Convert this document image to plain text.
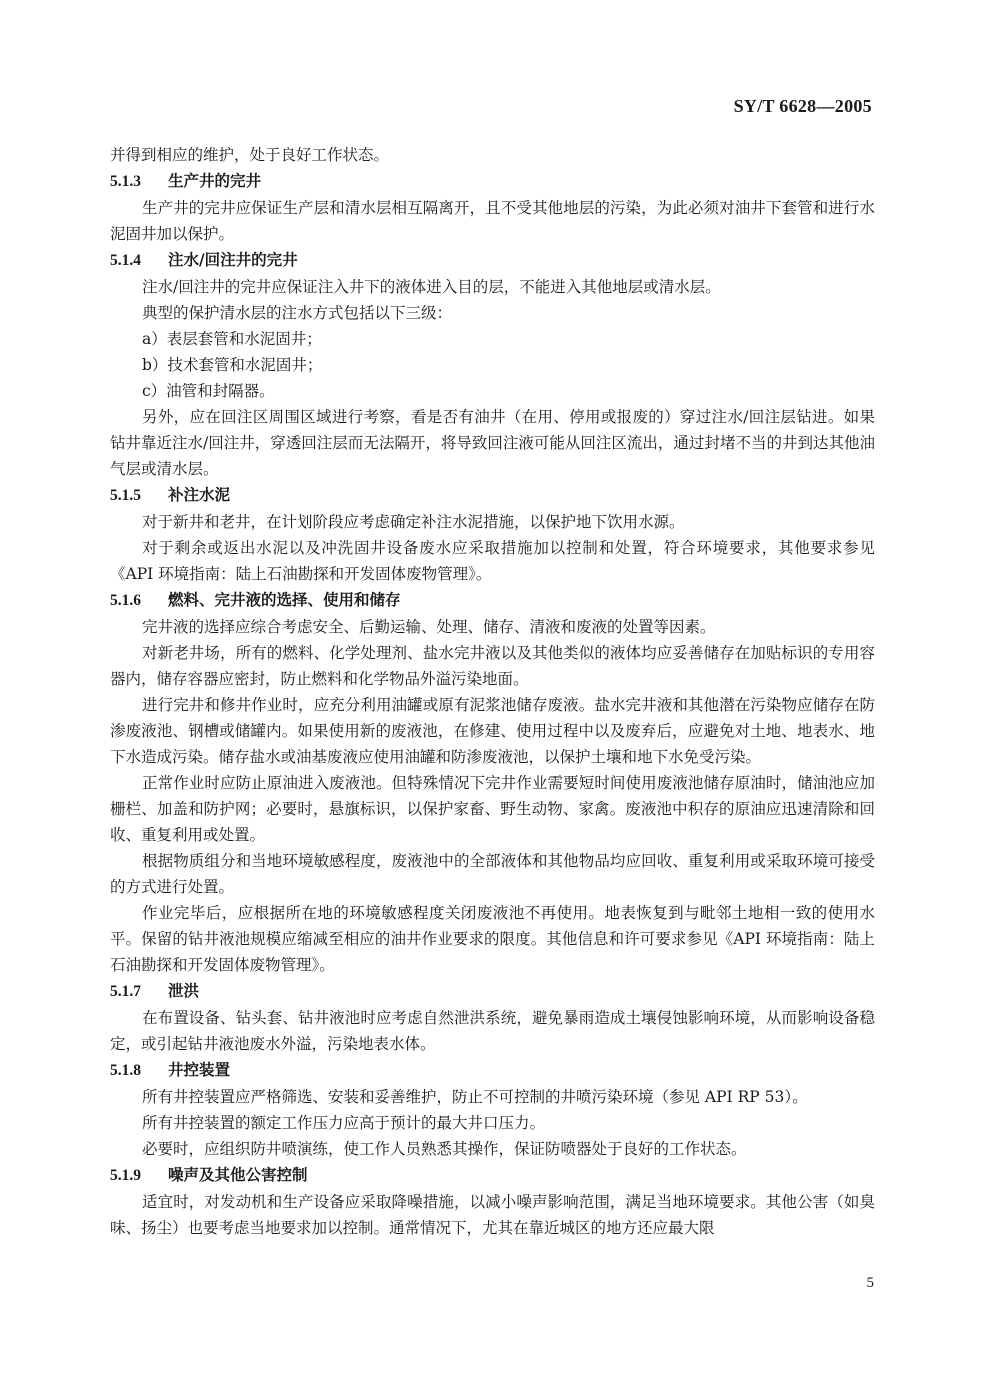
SY/T 6628—2005

并得到相应的维护，处于良好工作状态。

5.1.3 生产井的完井

生产井的完井应保证生产层和清水层相互隔离开，且不受其他地层的污染，为此必须对油井下套管和进行水泥固井加以保护。

5.1.4 注水/回注井的完井

注水/回注井的完井应保证注入井下的液体进入目的层，不能进入其他地层或清水层。

典型的保护清水层的注水方式包括以下三级：

a）表层套管和水泥固井；

b）技术套管和水泥固井；

c）油管和封隔器。

另外，应在回注区周围区域进行考察，看是否有油井（在用、停用或报废的）穿过注水/回注层钻进。如果钻井靠近注水/回注井，穿透回注层而无法隔开，将导致回注液可能从回注区流出，通过封堵不当的井到达其他油气层或清水层。

5.1.5 补注水泥

对于新井和老井，在计划阶段应考虑确定补注水泥措施，以保护地下饮用水源。

对于剩余或返出水泥以及冲洗固井设备废水应采取措施加以控制和处置，符合环境要求，其他要求参见《API 环境指南：陆上石油勘探和开发固体废物管理》。

5.1.6 燃料、完井液的选择、使用和储存

完井液的选择应综合考虑安全、后勤运输、处理、储存、清液和废液的处置等因素。

对新老井场，所有的燃料、化学处理剂、盐水完井液以及其他类似的液体均应妥善储存在加贴标识的专用容器内，储存容器应密封，防止燃料和化学物品外溢污染地面。

进行完井和修井作业时，应充分利用油罐或原有泥浆池储存废液。盐水完井液和其他潜在污染物应储存在防渗废液池、钢槽或储罐内。如果使用新的废液池，在修建、使用过程中以及废弃后，应避免对土地、地表水、地下水造成污染。储存盐水或油基废液应使用油罐和防渗废液池，以保护土壤和地下水免受污染。

正常作业时应防止原油进入废液池。但特殊情况下完井作业需要短时间使用废液池储存原油时，储油池应加栅栏、加盖和防护网；必要时，悬旗标识，以保护家畜、野生动物、家禽。废液池中积存的原油应迅速清除和回收、重复利用或处置。

根据物质组分和当地环境敏感程度，废液池中的全部液体和其他物品均应回收、重复利用或采取环境可接受的方式进行处置。

作业完毕后，应根据所在地的环境敏感程度关闭废液池不再使用。地表恢复到与毗邻土地相一致的使用水平。保留的钻井液池规模应缩减至相应的油井作业要求的限度。其他信息和许可要求参见《API 环境指南：陆上石油勘探和开发固体废物管理》。

5.1.7 泄洪

在布置设备、钻头套、钻井液池时应考虑自然泄洪系统，避免暴雨造成土壤侵蚀影响环境，从而影响设备稳定，或引起钻井液池废水外溢，污染地表水体。

5.1.8 井控装置

所有井控装置应严格筛选、安装和妥善维护，防止不可控制的井喷污染环境（参见 API RP 53）。

所有井控装置的额定工作压力应高于预计的最大井口压力。

必要时，应组织防井喷演练，使工作人员熟悉其操作，保证防喷器处于良好的工作状态。

5.1.9 噪声及其他公害控制

适宜时，对发动机和生产设备应采取降噪措施，以减小噪声影响范围，满足当地环境要求。其他公害（如臭味、扬尘）也要考虑当地要求加以控制。通常情况下，尤其在靠近城区的地方还应最大限

5
